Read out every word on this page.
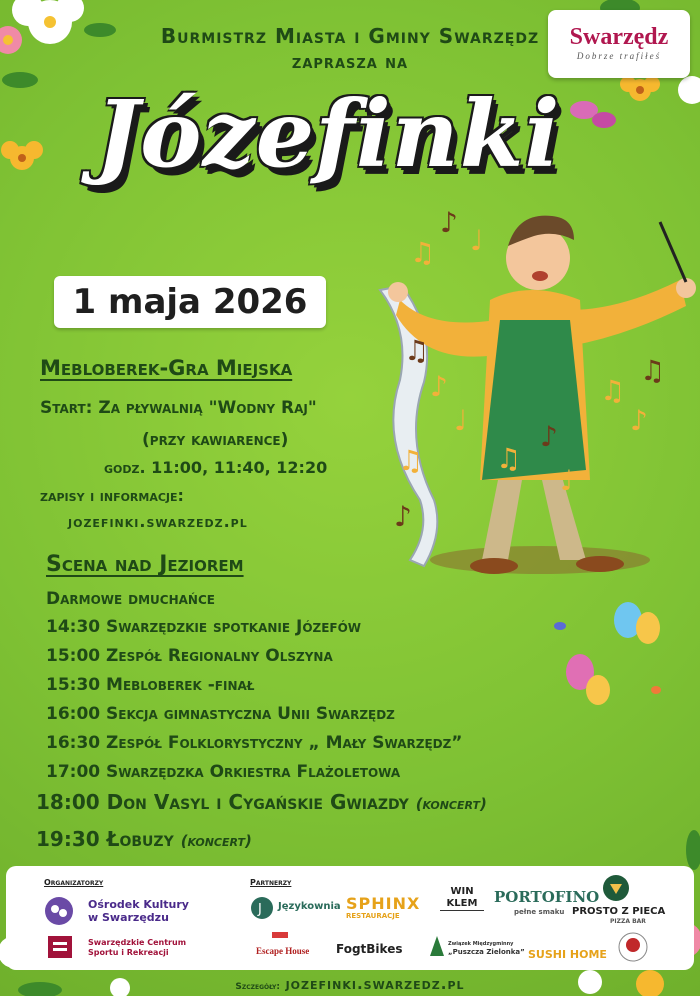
♫
♪
♩
♫
♪
♫
♪
♩
♫
♪
♫
♫
♪
♩
Burmistrz Miasta i Gminy Swarzędz
zaprasza na
Swarzędz
Dobrze trafiłeś
Józefinki
1 maja 2026
Mebloberek-Gra Miejska
Start: Za pływalnią "Wodny Raj"
(przy kawiarence)
godz. 11:00, 11:40, 12:20
zapisy i informacje:
jozefinki.swarzedz.pl
Scena nad Jeziorem
Darmowe dmuchańce
14:30 Swarzędzkie spotkanie Józefów
15:00 Zespół Regionalny Olszyna
15:30 Mebloberek -finał
16:00 Sekcja gimnastyczna Unii Swarzędz
16:30 Zespół Folklorystyczny „ Mały Swarzędz”
17:00 Swarzędzka Orkiestra Flażoletowa
18:00 Don Vasyl i Cygańskie Gwiazdy (koncert)
19:30 Łobuzy (koncert)
Organizatorzy
Ośrodek Kultury
w Swarzędzu
Swarzędzkie Centrum
Sportu i Rekreacji
Partnerzy
J Językownia SPHINX
RESTAURACJE
WIN KLEM	PORTOFINO
pełne smaku PROSTO Z PIECA
PIZZA BAR
Escape House FogtBikes	Związek Międzygminny
„Puszcza Zielonka” SUSHI HOME
Szczegóły: jozefinki.swarzedz.pl
